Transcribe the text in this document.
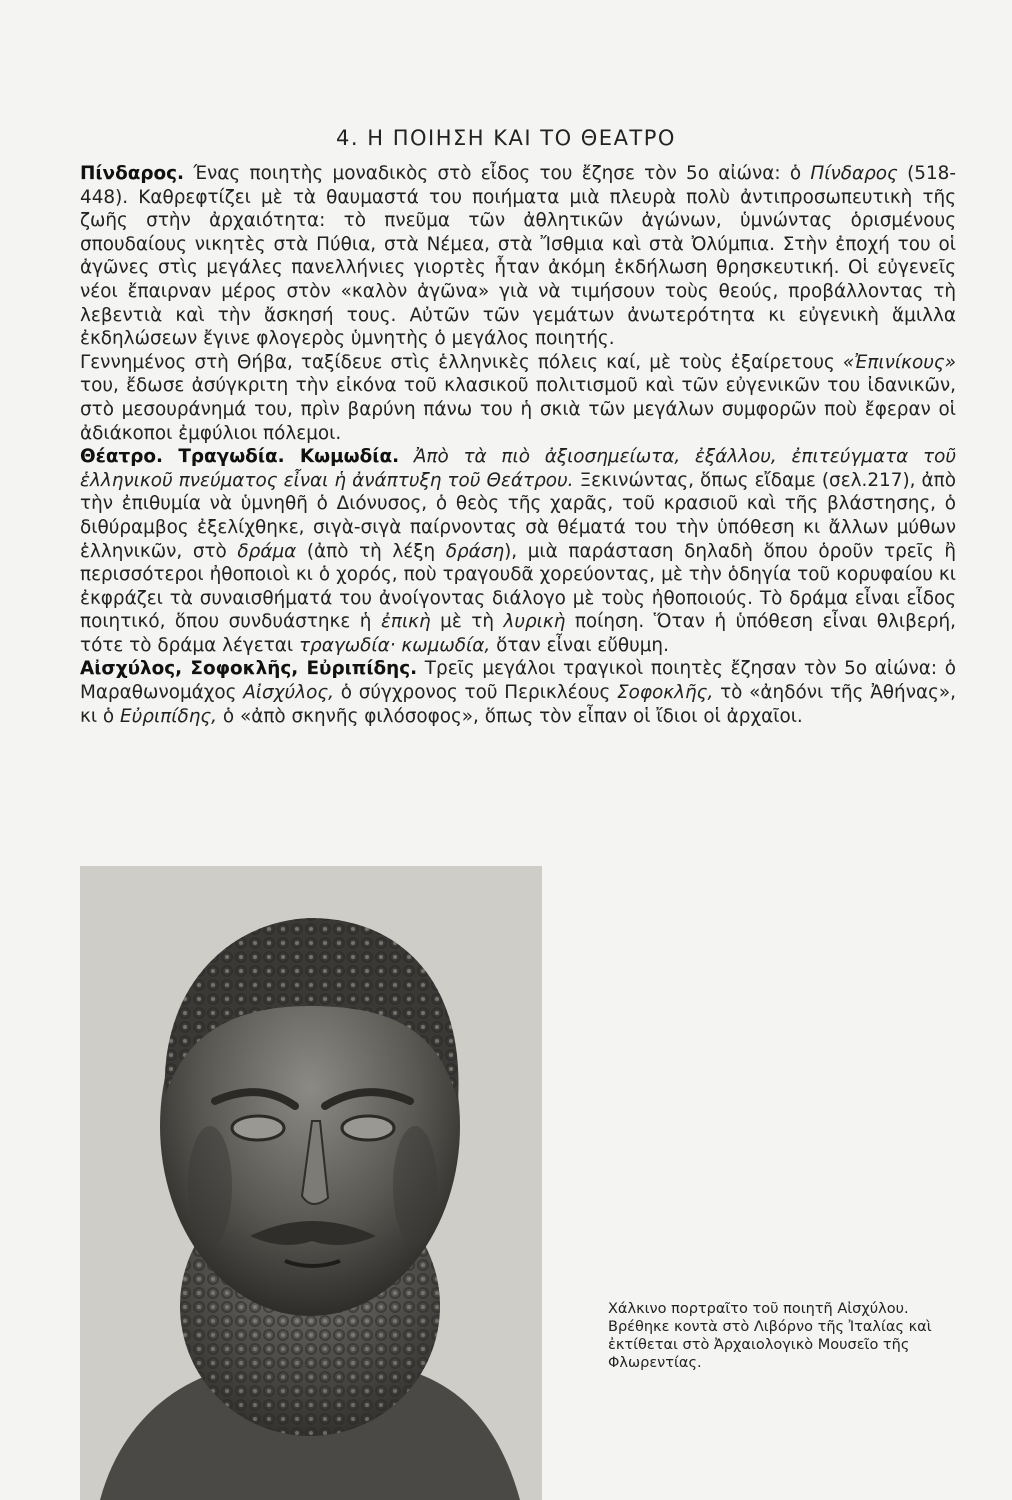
4. Η ΠΟΙΗΣΗ ΚΑΙ ΤΟ ΘΕΑΤΡΟ

Πίνδαρος. Ένας ποιητὴς μοναδικὸς στὸ εἶδος του ἔζησε τὸν 5ο αἰώνα: ὁ Πίνδαρος (518-448). Καθρεφτίζει μὲ τὰ θαυμαστά του ποιήματα μιὰ πλευρὰ πολὺ ἀντιπροσωπευτικὴ τῆς ζωῆς στὴν ἀρχαιότητα: τὸ πνεῦμα τῶν ἀθλητικῶν ἀγώνων, ὑμνώντας ὁρισμένους σπουδαίους νικητὲς στὰ Πύθια, στὰ Νέμεα, στὰ Ἴσθμια καὶ στὰ Ὀλύμπια. Στὴν ἐποχή του οἱ ἀγῶνες στὶς μεγάλες πανελλήνιες γιορτὲς ἦταν ἀκόμη ἐκδήλωση θρησκευτική. Οἱ εὐγενεῖς νέοι ἔπαιρναν μέρος στὸν «καλὸν ἀγῶνα» γιὰ νὰ τιμήσουν τοὺς θεούς, προβάλλοντας τὴ λεβεντιὰ καὶ τὴν ἄσκησή τους. Αὐτῶν τῶν γεμάτων ἀνωτερότητα κι εὐγενικὴ ἅμιλλα ἐκδηλώσεων ἔγινε φλογερὸς ὑμνητὴς ὁ μεγάλος ποιητής.

Γεννημένος στὴ Θήβα, ταξίδευε στὶς ἑλληνικὲς πόλεις καί, μὲ τοὺς ἐξαίρετους «Ἐπινίκους» του, ἔδωσε ἀσύγκριτη τὴν εἰκόνα τοῦ κλασικοῦ πολιτισμοῦ καὶ τῶν εὐγενικῶν του ἰδανικῶν, στὸ μεσουράνημά του, πρὶν βαρύνη πάνω του ἡ σκιὰ τῶν μεγάλων συμφορῶν ποὺ ἔφεραν οἱ ἀδιάκοποι ἐμφύλιοι πόλεμοι.

Θέατρο. Τραγωδία. Κωμωδία. Ἀπὸ τὰ πιὸ ἀξιοσημείωτα, ἐξάλλου, ἐπιτεύγματα τοῦ ἑλληνικοῦ πνεύματος εἶναι ἡ ἀνάπτυξη τοῦ Θεάτρου. Ξεκινώντας, ὅπως εἴδαμε (σελ.217), ἀπὸ τὴν ἐπιθυμία νὰ ὑμνηθῆ ὁ Διόνυσος, ὁ θεὸς τῆς χαρᾶς, τοῦ κρασιοῦ καὶ τῆς βλάστησης, ὁ διθύραμβος ἐξελίχθηκε, σιγὰ-σιγὰ παίρνοντας σὰ θέματά του τὴν ὑπόθεση κι ἄλλων μύθων ἑλληνικῶν, στὸ δράμα (ἀπὸ τὴ λέξη δράση), μιὰ παράσταση δηλαδὴ ὅπου ὁροῦν τρεῖς ἢ περισσότεροι ἠθοποιοὶ κι ὁ χορός, ποὺ τραγουδᾶ χορεύοντας, μὲ τὴν ὁδηγία τοῦ κορυφαίου κι ἐκφράζει τὰ συναισθήματά του ἀνοίγοντας διάλογο μὲ τοὺς ἠθοποιούς. Τὸ δράμα εἶναι εἶδος ποιητικό, ὅπου συνδυάστηκε ἡ ἐπικὴ μὲ τὴ λυρικὴ ποίηση. Ὅταν ἡ ὑπόθεση εἶναι θλιβερή, τότε τὸ δράμα λέγεται τραγωδία· κωμωδία, ὅταν εἶναι εὔθυμη.

Αἰσχύλος, Σοφοκλῆς, Εὐριπίδης. Τρεῖς μεγάλοι τραγικοὶ ποιητὲς ἔζησαν τὸν 5ο αἰώνα: ὁ Μαραθωνομάχος Αἰσχύλος, ὁ σύγχρονος τοῦ Περικλέους Σοφοκλῆς, τὸ «ἀηδόνι τῆς Ἀθήνας», κι ὁ Εὐριπίδης, ὁ «ἀπὸ σκηνῆς φιλόσοφος», ὅπως τὸν εἶπαν οἱ ἴδιοι οἱ ἀρχαῖοι.

Χάλκινο πορτραῖτο τοῦ ποιητῆ Αἰσχύλου. Βρέθηκε κοντὰ στὸ Λιβόρνο τῆς Ἰταλίας καὶ ἐκτίθεται στὸ Ἀρχαιολογικὸ Μουσεῖο τῆς Φλωρεντίας.
